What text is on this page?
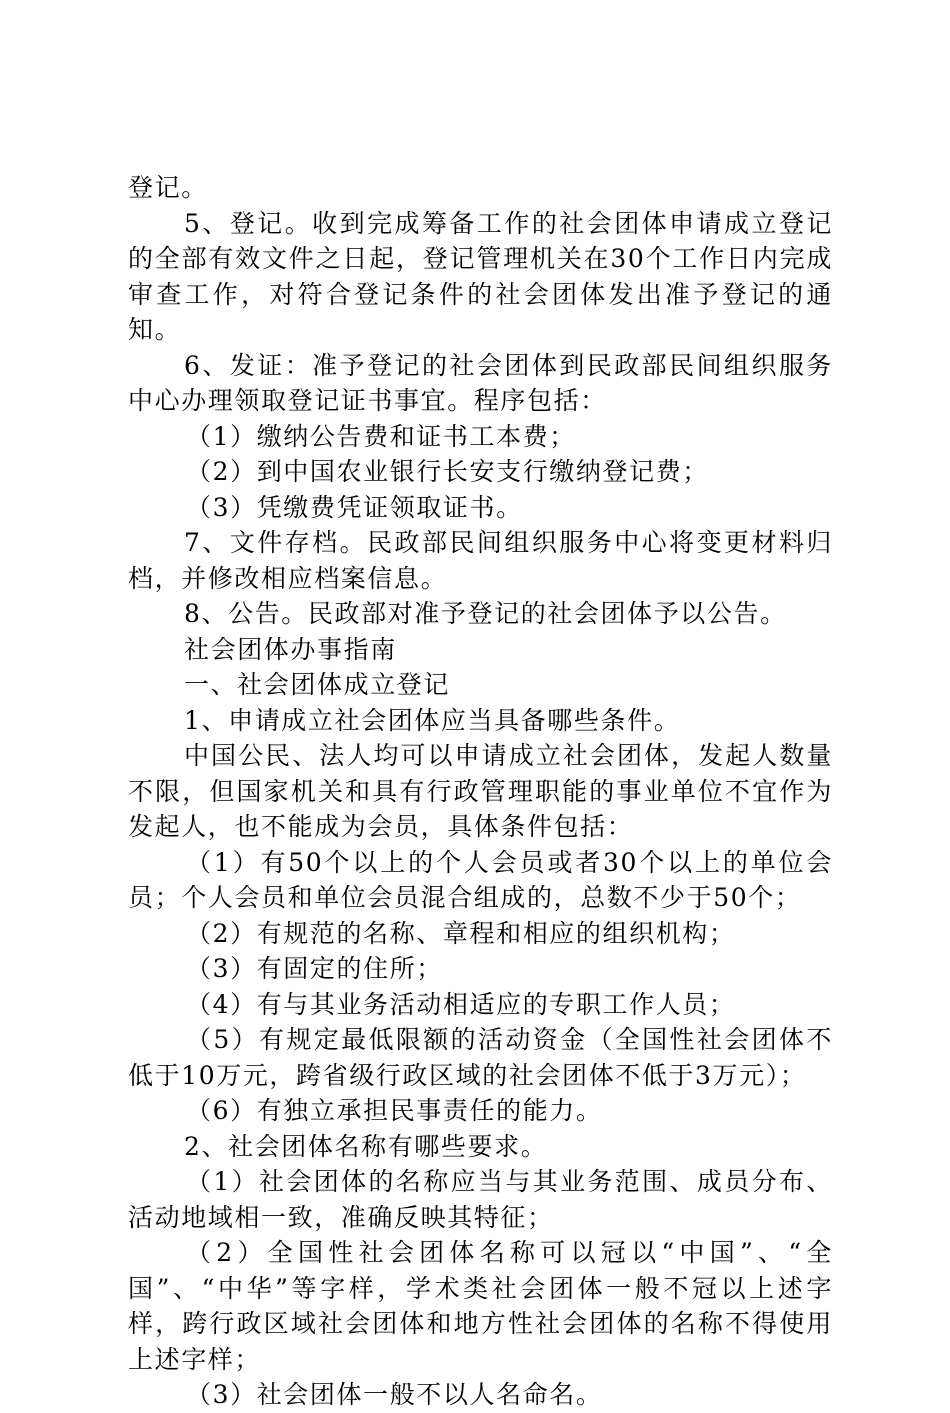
登记。

5、登记。收到完成筹备工作的社会团体申请成立登记的全部有效文件之日起，登记管理机关在30个工作日内完成审查工作，对符合登记条件的社会团体发出准予登记的通知。

6、发证：准予登记的社会团体到民政部民间组织服务中心办理领取登记证书事宜。程序包括：

（1）缴纳公告费和证书工本费；

（2）到中国农业银行长安支行缴纳登记费；

（3）凭缴费凭证领取证书。

7、文件存档。民政部民间组织服务中心将变更材料归档，并修改相应档案信息。

8、公告。民政部对准予登记的社会团体予以公告。

社会团体办事指南

一、社会团体成立登记

1、申请成立社会团体应当具备哪些条件。

中国公民、法人均可以申请成立社会团体，发起人数量不限，但国家机关和具有行政管理职能的事业单位不宜作为发起人，也不能成为会员，具体条件包括：

（1）有50个以上的个人会员或者30个以上的单位会员；个人会员和单位会员混合组成的，总数不少于50个；

（2）有规范的名称、章程和相应的组织机构；

（3）有固定的住所；

（4）有与其业务活动相适应的专职工作人员；

（5）有规定最低限额的活动资金（全国性社会团体不低于10万元，跨省级行政区域的社会团体不低于3万元）；

（6）有独立承担民事责任的能力。

2、社会团体名称有哪些要求。

（1）社会团体的名称应当与其业务范围、成员分布、活动地域相一致，准确反映其特征；

（2）全国性社会团体名称可以冠以“中国”、“全国”、“中华”等字样，学术类社会团体一般不冠以上述字样，跨行政区域社会团体和地方性社会团体的名称不得使用上述字样；

（3）社会团体一般不以人名命名。
